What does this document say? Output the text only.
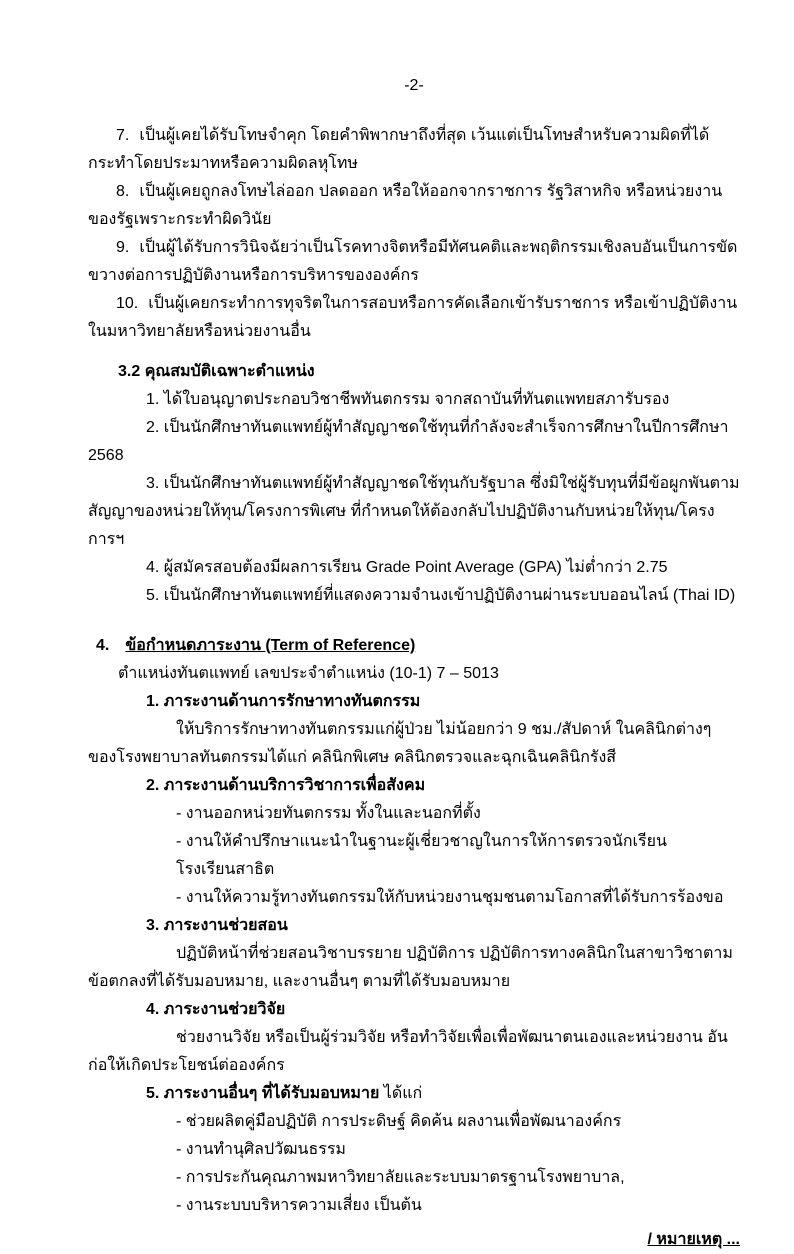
-2-

7. เป็นผู้เคยได้รับโทษจำคุก โดยคำพิพากษาถึงที่สุด เว้นแต่เป็นโทษสำหรับความผิดที่ได้กระทำโดยประมาทหรือความผิดลหุโทษ

8. เป็นผู้เคยถูกลงโทษไล่ออก ปลดออก หรือให้ออกจากราชการ รัฐวิสาหกิจ หรือหน่วยงานของรัฐเพราะกระทำผิดวินัย

9. เป็นผู้ได้รับการวินิจฉัยว่าเป็นโรคทางจิตหรือมีทัศนคติและพฤติกรรมเชิงลบอันเป็นการขัดขวางต่อการปฏิบัติงานหรือการบริหารขององค์กร

10. เป็นผู้เคยกระทำการทุจริตในการสอบหรือการคัดเลือกเข้ารับราชการ หรือเข้าปฏิบัติงานในมหาวิทยาลัยหรือหน่วยงานอื่น

3.2 คุณสมบัติเฉพาะตำแหน่ง

1. ได้ใบอนุญาตประกอบวิชาชีพทันตกรรม จากสถาบันที่ทันตแพทยสภารับรอง

2. เป็นนักศึกษาทันตแพทย์ผู้ทำสัญญาชดใช้ทุนที่กำลังจะสำเร็จการศึกษาในปีการศึกษา 2568

3. เป็นนักศึกษาทันตแพทย์ผู้ทำสัญญาชดใช้ทุนกับรัฐบาล ซึ่งมิใช่ผู้รับทุนที่มีข้อผูกพันตามสัญญาของหน่วยให้ทุน/โครงการพิเศษ ที่กำหนดให้ต้องกลับไปปฏิบัติงานกับหน่วยให้ทุน/โครงการฯ

4. ผู้สมัครสอบต้องมีผลการเรียน Grade Point Average (GPA) ไม่ต่ำกว่า 2.75

5. เป็นนักศึกษาทันตแพทย์ที่แสดงความจำนงเข้าปฏิบัติงานผ่านระบบออนไลน์ (Thai ID)

4. ข้อกำหนดภาระงาน (Term of Reference)

ตำแหน่งทันตแพทย์ เลขประจำตำแหน่ง (10-1) 7 – 5013

1. ภาระงานด้านการรักษาทางทันตกรรม

ให้บริการรักษาทางทันตกรรมแก่ผู้ป่วย ไม่น้อยกว่า 9 ชม./สัปดาห์ ในคลินิกต่างๆ ของโรงพยาบาลทันตกรรมได้แก่ คลินิกพิเศษ คลินิกตรวจและฉุกเฉินคลินิกรังสี

2. ภาระงานด้านบริการวิชาการเพื่อสังคม

- งานออกหน่วยทันตกรรม ทั้งในและนอกที่ตั้ง

- งานให้คำปรึกษาแนะนำในฐานะผู้เชี่ยวชาญในการให้การตรวจนักเรียนโรงเรียนสาธิต

- งานให้ความรู้ทางทันตกรรมให้กับหน่วยงานชุมชนตามโอกาสที่ได้รับการร้องขอ

3. ภาระงานช่วยสอน

ปฏิบัติหน้าที่ช่วยสอนวิชาบรรยาย ปฏิบัติการ ปฏิบัติการทางคลินิกในสาขาวิชาตามข้อตกลงที่ได้รับมอบหมาย, และงานอื่นๆ ตามที่ได้รับมอบหมาย

4. ภาระงานช่วยวิจัย

ช่วยงานวิจัย หรือเป็นผู้ร่วมวิจัย หรือทำวิจัยเพื่อเพื่อพัฒนาตนเองและหน่วยงาน อันก่อให้เกิดประโยชน์ต่อองค์กร

5. ภาระงานอื่นๆ ที่ได้รับมอบหมาย ได้แก่

- ช่วยผลิตคู่มือปฏิบัติ การประดิษฐ์ คิดค้น ผลงานเพื่อพัฒนาองค์กร

- งานทำนุศิลปวัฒนธรรม

- การประกันคุณภาพมหาวิทยาลัยและระบบมาตรฐานโรงพยาบาล,

- งานระบบบริหารความเสี่ยง เป็นต้น

/ หมายเหตุ ...
